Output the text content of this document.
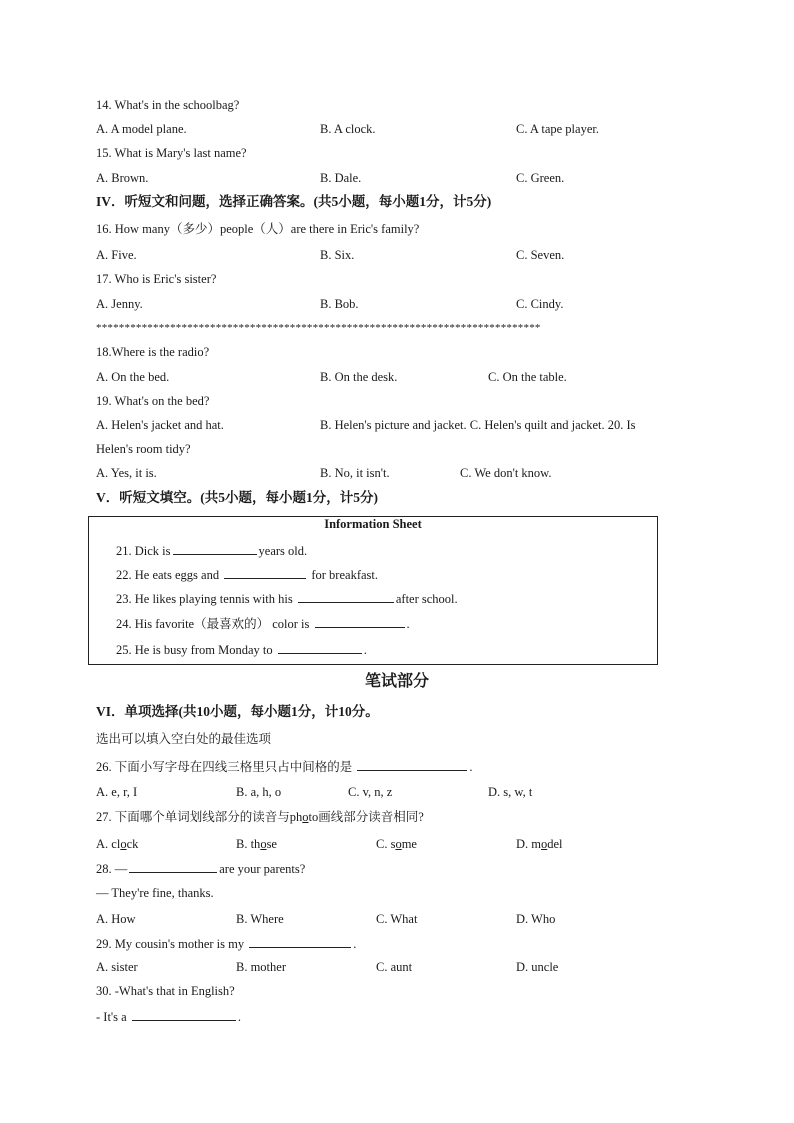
14. What's in the schoolbag?
A. A model plane.	B. A clock.	C. A tape player.
15. What is Mary's last name?
A. Brown.	B. Dale.	C. Green.
IV．听短文和问题，选择正确答案。(共5小题，每小题1分，计5分)
16. How many（多少）people（人）are there in Eric's family?
A. Five.	B. Six.	C. Seven.
17. Who is Eric's sister?
A. Jenny.	B. Bob.	C. Cindy.
******************************************************************************
18.Where is the radio?
A. On the bed.	B. On the desk.	C. On the table.
19. What's on the bed?
A. Helen's jacket and hat.	B. Helen's picture and jacket. C. Helen's quilt and jacket. 20. Is
Helen's room tidy?
A. Yes, it is.	B. No, it isn't.	C. We don't know.
V．听短文填空。(共5小题，每小题1分，计5分)
Information Sheet
21. Dick is	years old.
22. He eats eggs and	for breakfast.
23. He likes playing tennis with his	after school.
24. His favorite（最喜欢的） color is	.
25. He is busy from Monday to	.
笔试部分
VI．单项选择(共10小题，每小题1分，计10分。
选出可以填入空白处的最佳选项
26. 下面小写字母在四线三格里只占中间格的是	.
A. e, r, I	B. a, h, o	C. v, n, z	D. s, w, t
27. 下面哪个单词划线部分的读音与photo画线部分读音相同?
A. clock	B. those	C. some	D. model
28. —	are your parents?
— They're fine, thanks.
A. How	B. Where	C. What	D. Who
29. My cousin's mother is my	.
A. sister	B. mother	C. aunt	D. uncle
30. -What's that in English?
- It's a	.
